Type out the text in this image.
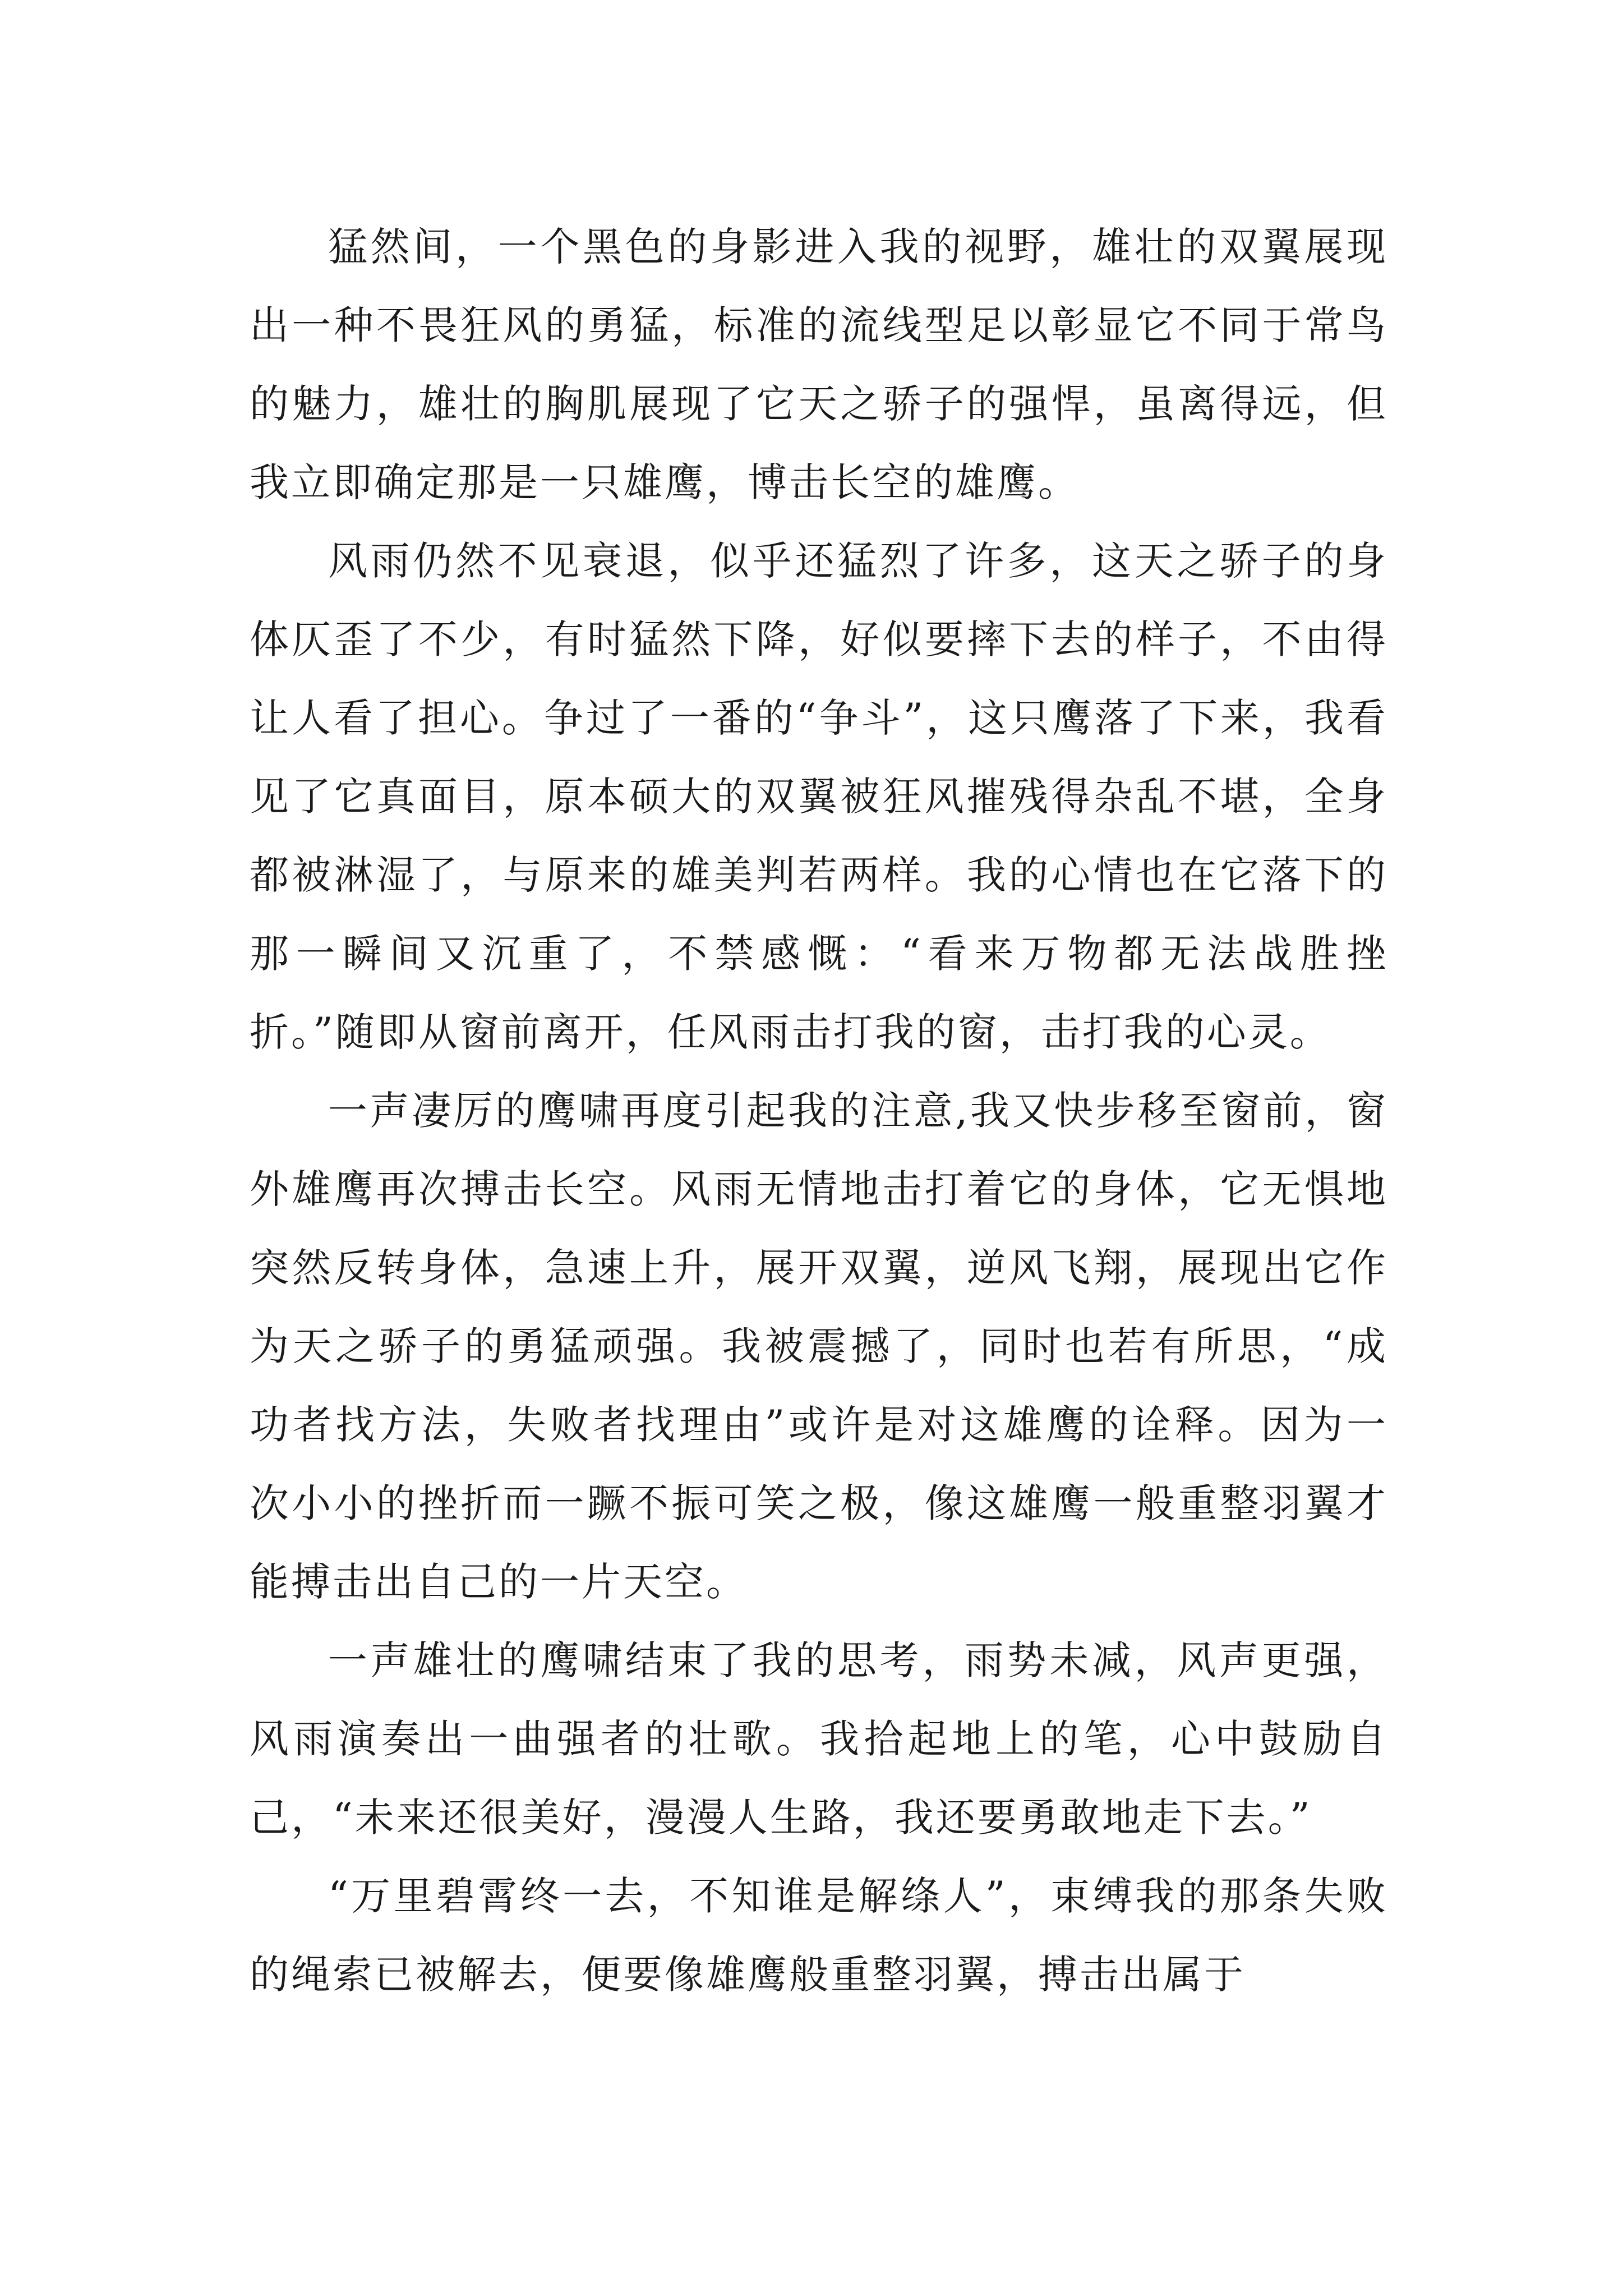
猛然间，一个黑色的身影进入我的视野，雄壮的双翼展现出一种不畏狂风的勇猛，标准的流线型足以彰显它不同于常鸟的魅力，雄壮的胸肌展现了它天之骄子的强悍，虽离得远，但我立即确定那是一只雄鹰，博击长空的雄鹰。

风雨仍然不见衰退，似乎还猛烈了许多，这天之骄子的身体仄歪了不少，有时猛然下降，好似要摔下去的样子，不由得让人看了担心。争过了一番的“争斗”，这只鹰落了下来，我看见了它真面目，原本硕大的双翼被狂风摧残得杂乱不堪，全身都被淋湿了，与原来的雄美判若两样。我的心情也在它落下的那一瞬间又沉重了，不禁感慨：“看来万物都无法战胜挫折。”随即从窗前离开，任风雨击打我的窗，击打我的心灵。

一声凄厉的鹰啸再度引起我的注意,我又快步移至窗前，窗外雄鹰再次搏击长空。风雨无情地击打着它的身体，它无惧地突然反转身体，急速上升，展开双翼，逆风飞翔，展现出它作为天之骄子的勇猛顽强。我被震撼了，同时也若有所思，“成功者找方法，失败者找理由”或许是对这雄鹰的诠释。因为一次小小的挫折而一蹶不振可笑之极，像这雄鹰一般重整羽翼才能搏击出自己的一片天空。

一声雄壮的鹰啸结束了我的思考，雨势未减，风声更强，风雨演奏出一曲强者的壮歌。我拾起地上的笔，心中鼓励自己，“未来还很美好，漫漫人生路，我还要勇敢地走下去。”

“万里碧霄终一去，不知谁是解绦人”，束缚我的那条失败的绳索已被解去，便要像雄鹰般重整羽翼，搏击出属于
